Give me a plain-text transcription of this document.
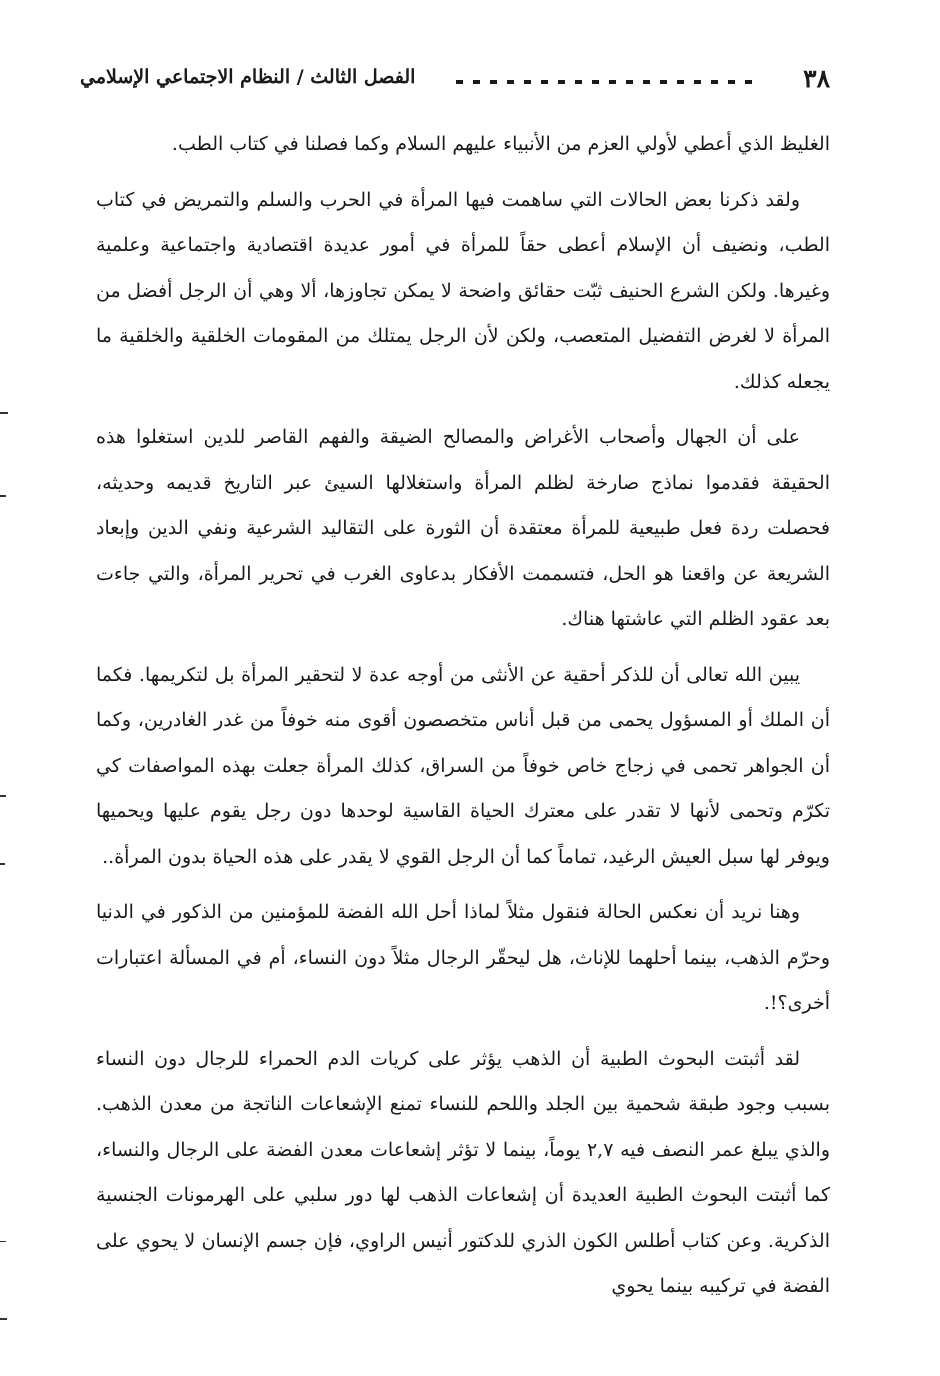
٣٨
الفصل الثالث / النظام الاجتماعي الإسلامي

الغليظ الذي أعطي لأولي العزم من الأنبياء عليهم السلام وكما فصلنا في كتاب الطب.

ولقد ذكرنا بعض الحالات التي ساهمت فيها المرأة في الحرب والسلم والتمريض في كتاب الطب، ونضيف أن الإسلام أعطى حقاً للمرأة في أمور عديدة اقتصادية واجتماعية وعلمية وغيرها. ولكن الشرع الحنيف ثبّت حقائق واضحة لا يمكن تجاوزها، ألا وهي أن الرجل أفضل من المرأة لا لغرض التفضيل المتعصب، ولكن لأن الرجل يمتلك من المقومات الخلقية والخلقية ما يجعله كذلك.

على أن الجهال وأصحاب الأغراض والمصالح الضيقة والفهم القاصر للدين استغلوا هذه الحقيقة فقدموا نماذج صارخة لظلم المرأة واستغلالها السيئ عبر التاريخ قديمه وحديثه، فحصلت ردة فعل طبيعية للمرأة معتقدة أن الثورة على التقاليد الشرعية ونفي الدين وإبعاد الشريعة عن واقعنا هو الحل، فتسممت الأفكار بدعاوى الغرب في تحرير المرأة، والتي جاءت بعد عقود الظلم التي عاشتها هناك.

يبين الله تعالى أن للذكر أحقية عن الأنثى من أوجه عدة لا لتحقير المرأة بل لتكريمها. فكما أن الملك أو المسؤول يحمى من قبل أناس متخصصون أقوى منه خوفاً من غدر الغادرين، وكما أن الجواهر تحمى في زجاج خاص خوفاً من السراق، كذلك المرأة جعلت بهذه المواصفات كي تكرّم وتحمى لأنها لا تقدر على معترك الحياة القاسية لوحدها دون رجل يقوم عليها ويحميها ويوفر لها سبل العيش الرغيد، تماماً كما أن الرجل القوي لا يقدر على هذه الحياة بدون المرأة..

وهنا نريد أن نعكس الحالة فنقول مثلاً لماذا أحل الله الفضة للمؤمنين من الذكور في الدنيا وحرّم الذهب، بينما أحلهما للإناث، هل ليحقّر الرجال مثلاً دون النساء، أم في المسألة اعتبارات أخرى؟!.

لقد أثبتت البحوث الطبية أن الذهب يؤثر على كريات الدم الحمراء للرجال دون النساء بسبب وجود طبقة شحمية بين الجلد واللحم للنساء تمنع الإشعاعات الناتجة من معدن الذهب. والذي يبلغ عمر النصف فيه ٢,٧ يوماً، بينما لا تؤثر إشعاعات معدن الفضة على الرجال والنساء، كما أثبتت البحوث الطبية العديدة أن إشعاعات الذهب لها دور سلبي على الهرمونات الجنسية الذكرية. وعن كتاب أطلس الكون الذري للدكتور أنيس الراوي، فإن جسم الإنسان لا يحوي على الفضة في تركيبه بينما يحوي
